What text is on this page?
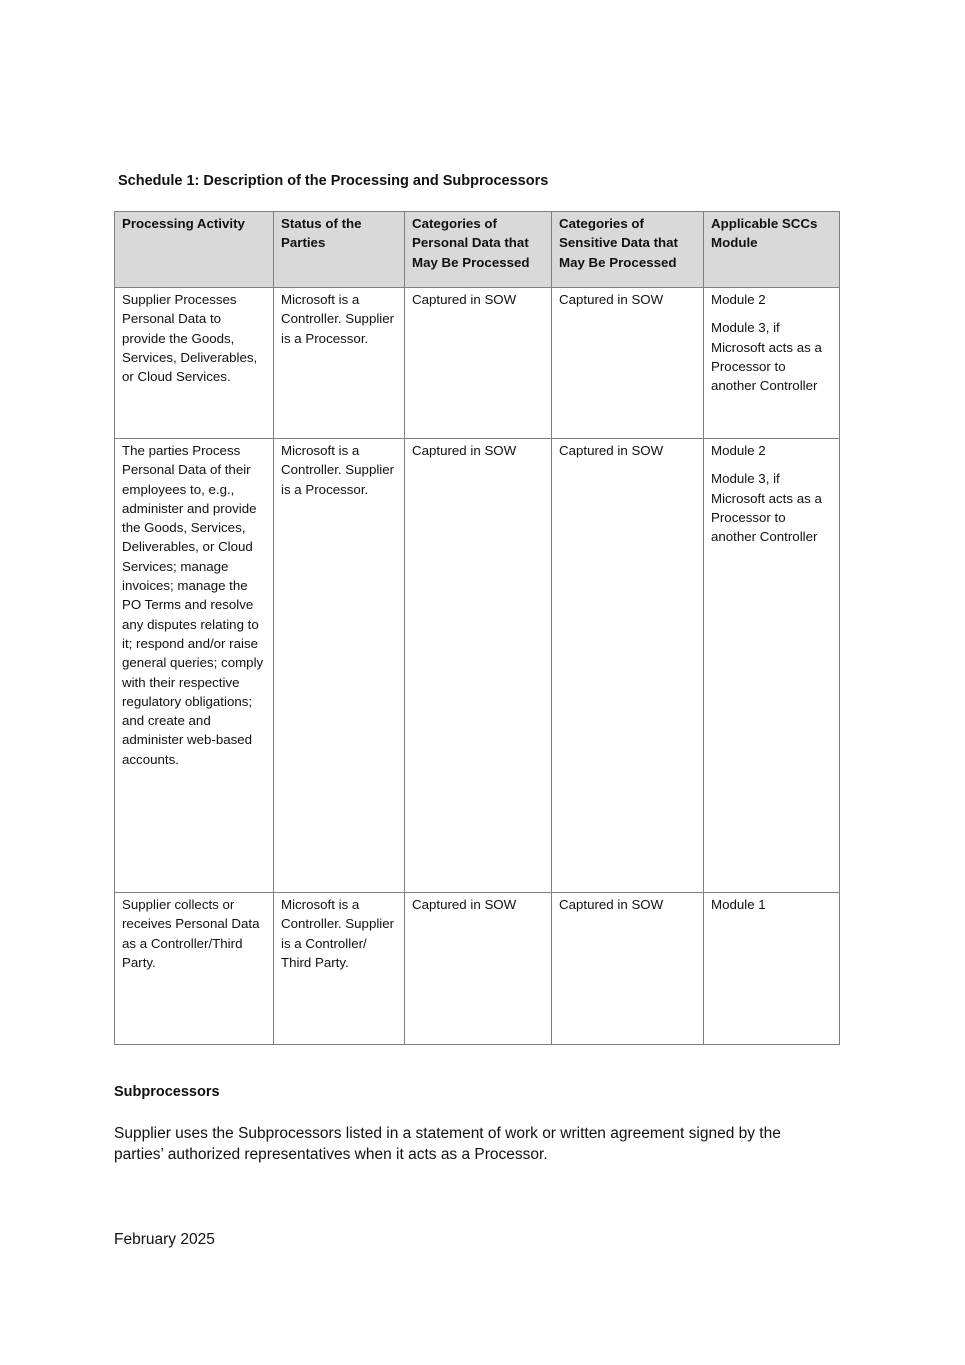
Schedule 1: Description of the Processing and Subprocessors
Processing Activity	Status of the Parties	Categories of Personal Data that May Be Processed	Categories of Sensitive Data that May Be Processed	Applicable SCCs Module

Supplier Processes Personal Data to provide the Goods, Services, Deliverables, or Cloud Services.	Microsoft is a Controller. Supplier is a Processor.	Captured in SOW	Captured in SOW	Module 2
Module 3, if Microsoft acts as a Processor to another Controller

The parties Process Personal Data of their employees to, e.g., administer and provide the Goods, Services, Deliverables, or Cloud Services; manage invoices; manage the PO Terms and resolve any disputes relating to it; respond and/or raise general queries; comply with their respective regulatory obligations; and create and administer web-based accounts.	Microsoft is a Controller. Supplier is a Processor.	Captured in SOW	Captured in SOW	Module 2
Module 3, if Microsoft acts as a Processor to another Controller

Supplier collects or receives Personal Data as a Controller/Third Party.	Microsoft is a Controller. Supplier is a Controller/ Third Party.	Captured in SOW	Captured in SOW	Module 1
Subprocessors

Supplier uses the Subprocessors listed in a statement of work or written agreement signed by the parties’ authorized representatives when it acts as a Processor.

February 2025
